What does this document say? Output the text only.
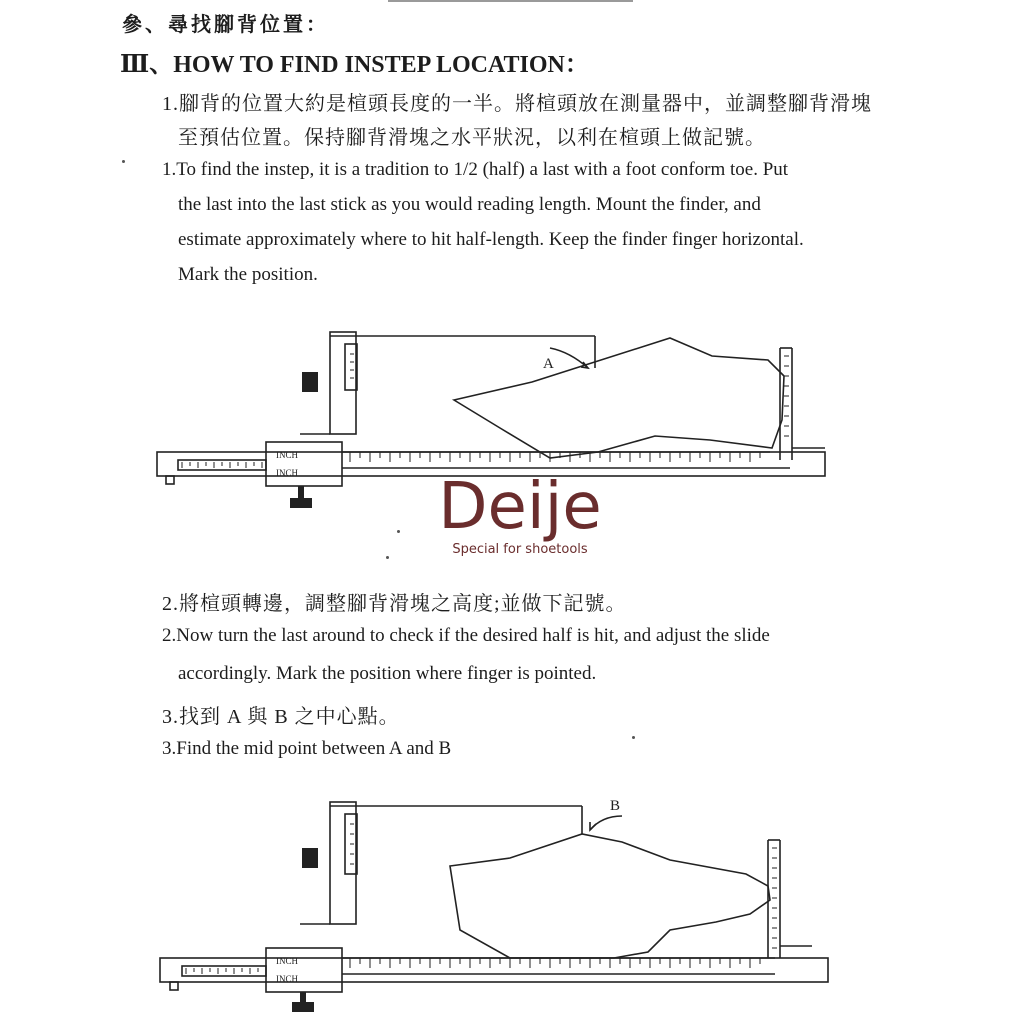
參、尋找腳背位置：
Ⅲ、HOW TO FIND INSTEP LOCATION：
1.腳背的位置大約是楦頭長度的一半。將楦頭放在測量器中，並調整腳背滑塊
至預估位置。保持腳背滑塊之水平狀況，以利在楦頭上做記號。
1.To find the instep, it is a tradition to 1/2 (half) a last with a foot conform toe. Put
the last into the last stick as you would reading length. Mount the finder, and
estimate approximately where to hit half-length. Keep the finder finger horizontal.
Mark the position.
A
INCH
INCH Deije
Special for shoetools
2.將楦頭轉邊，調整腳背滑塊之高度;並做下記號。
2.Now turn the last around to check if the desired half is hit, and adjust the slide
accordingly. Mark the position where finger is pointed.
3.找到 A 與 B 之中心點。
3.Find the mid point between A and B
B
INCH
INCH
